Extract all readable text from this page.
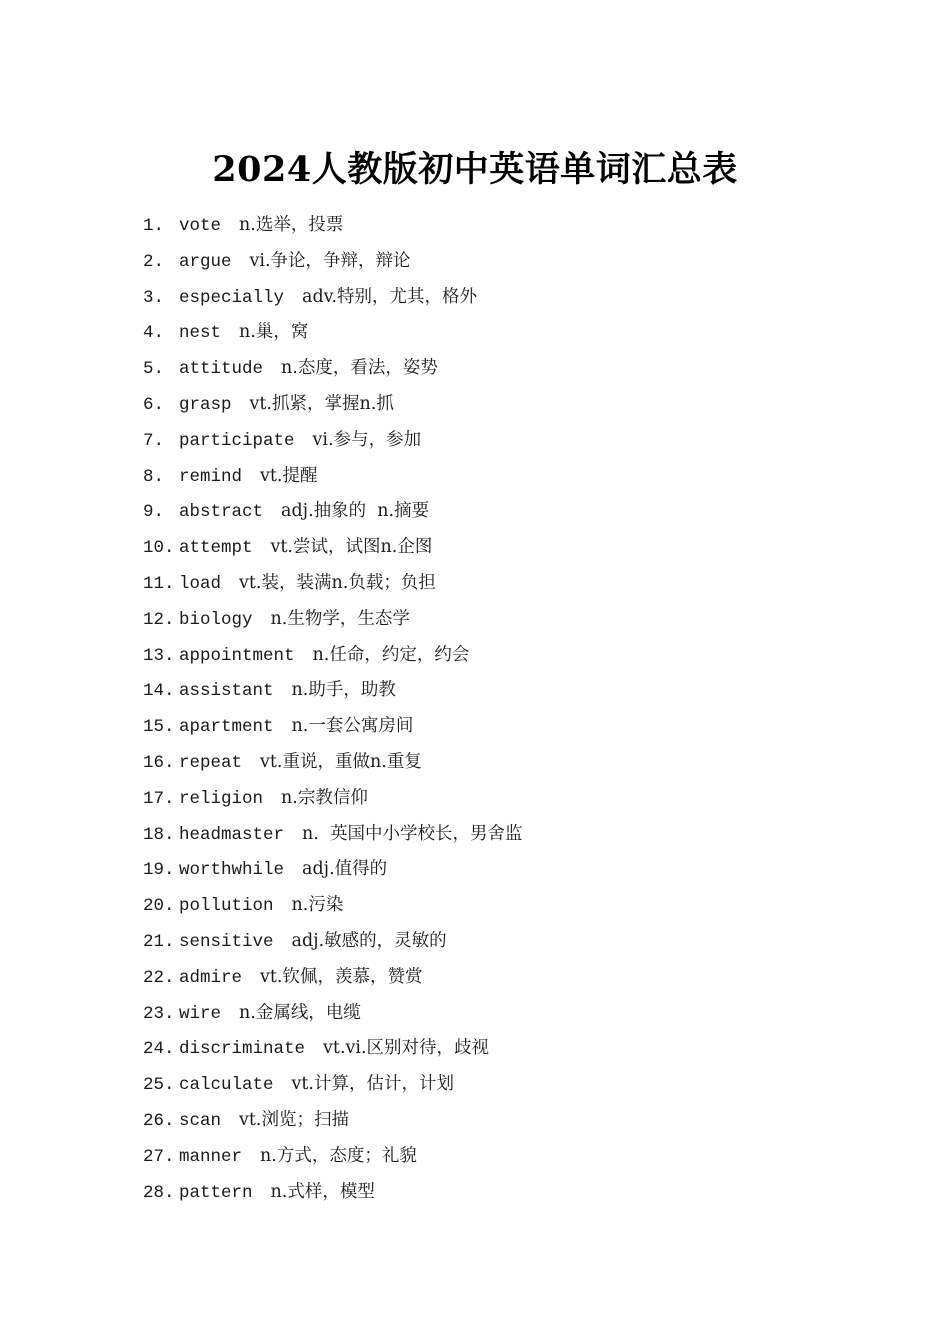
2024人教版初中英语单词汇总表
1. vote n.选举，投票
2. argue vi.争论，争辩，辩论
3. especially adv.特别，尤其，格外
4. nest n.巢，窝
5. attitude n.态度，看法，姿势
6. grasp vt.抓紧，掌握n.抓
7. participate vi.参与，参加
8. remind vt.提醒
9. abstract adj.抽象的  n.摘要
10. attempt vt.尝试，试图n.企图
11. load vt.装，装满n.负载；负担
12. biology n.生物学，生态学
13. appointment n.任命，约定，约会
14. assistant n.助手，助教
15. apartment n.一套公寓房间
16. repeat vt.重说，重做n.重复
17. religion n.宗教信仰
18. headmaster n.  英国中小学校长，男舍监
19. worthwhile adj.值得的
20. pollution n.污染
21. sensitive adj.敏感的，灵敏的
22. admire vt.钦佩，羡慕，赞赏
23. wire n.金属线，电缆
24. discriminate vt.vi.区别对待，歧视
25. calculate vt.计算，估计，计划
26. scan vt.浏览；扫描
27. manner n.方式，态度；礼貌
28. pattern n.式样，模型
